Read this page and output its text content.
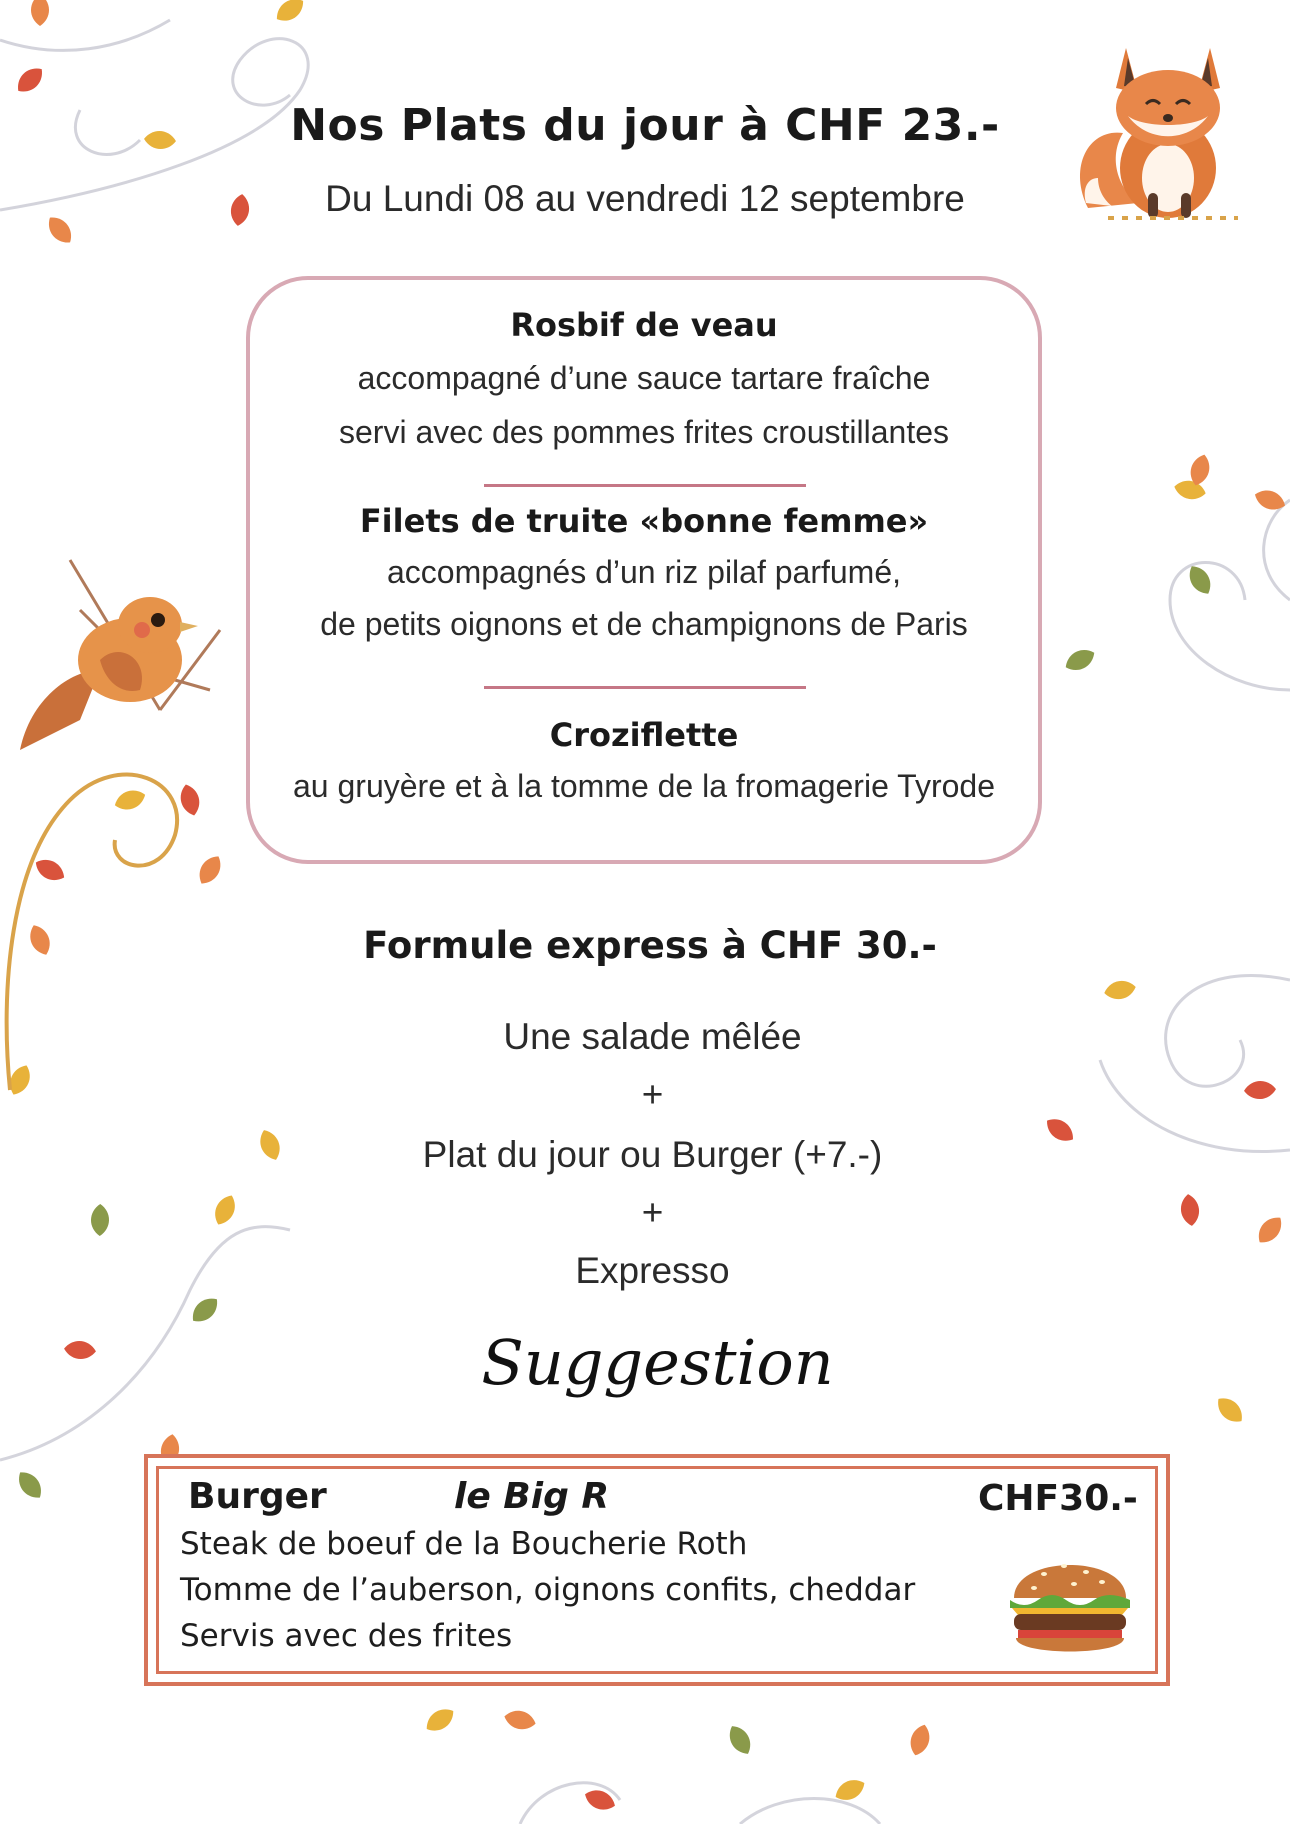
Nos Plats du jour à CHF 23.-
Du Lundi 08 au vendredi 12 septembre
Rosbif de veau
accompagné d’une sauce tartare fraîche
servi avec des pommes frites croustillantes
Filets de truite «bonne femme»
accompagnés d’un riz pilaf parfumé,
de petits oignons et de champignons de Paris
Croziflette
au gruyère et à la tomme de la fromagerie Tyrode
Formule express à CHF 30.-
Une salade mêlée
+
Plat du jour ou Burger (+7.-)
+
Expresso
Suggestion
Burger	le Big R	CHF30.-
Steak de boeuf de la Boucherie Roth
Tomme de l’auberson, oignons confits, cheddar
Servis avec des frites
